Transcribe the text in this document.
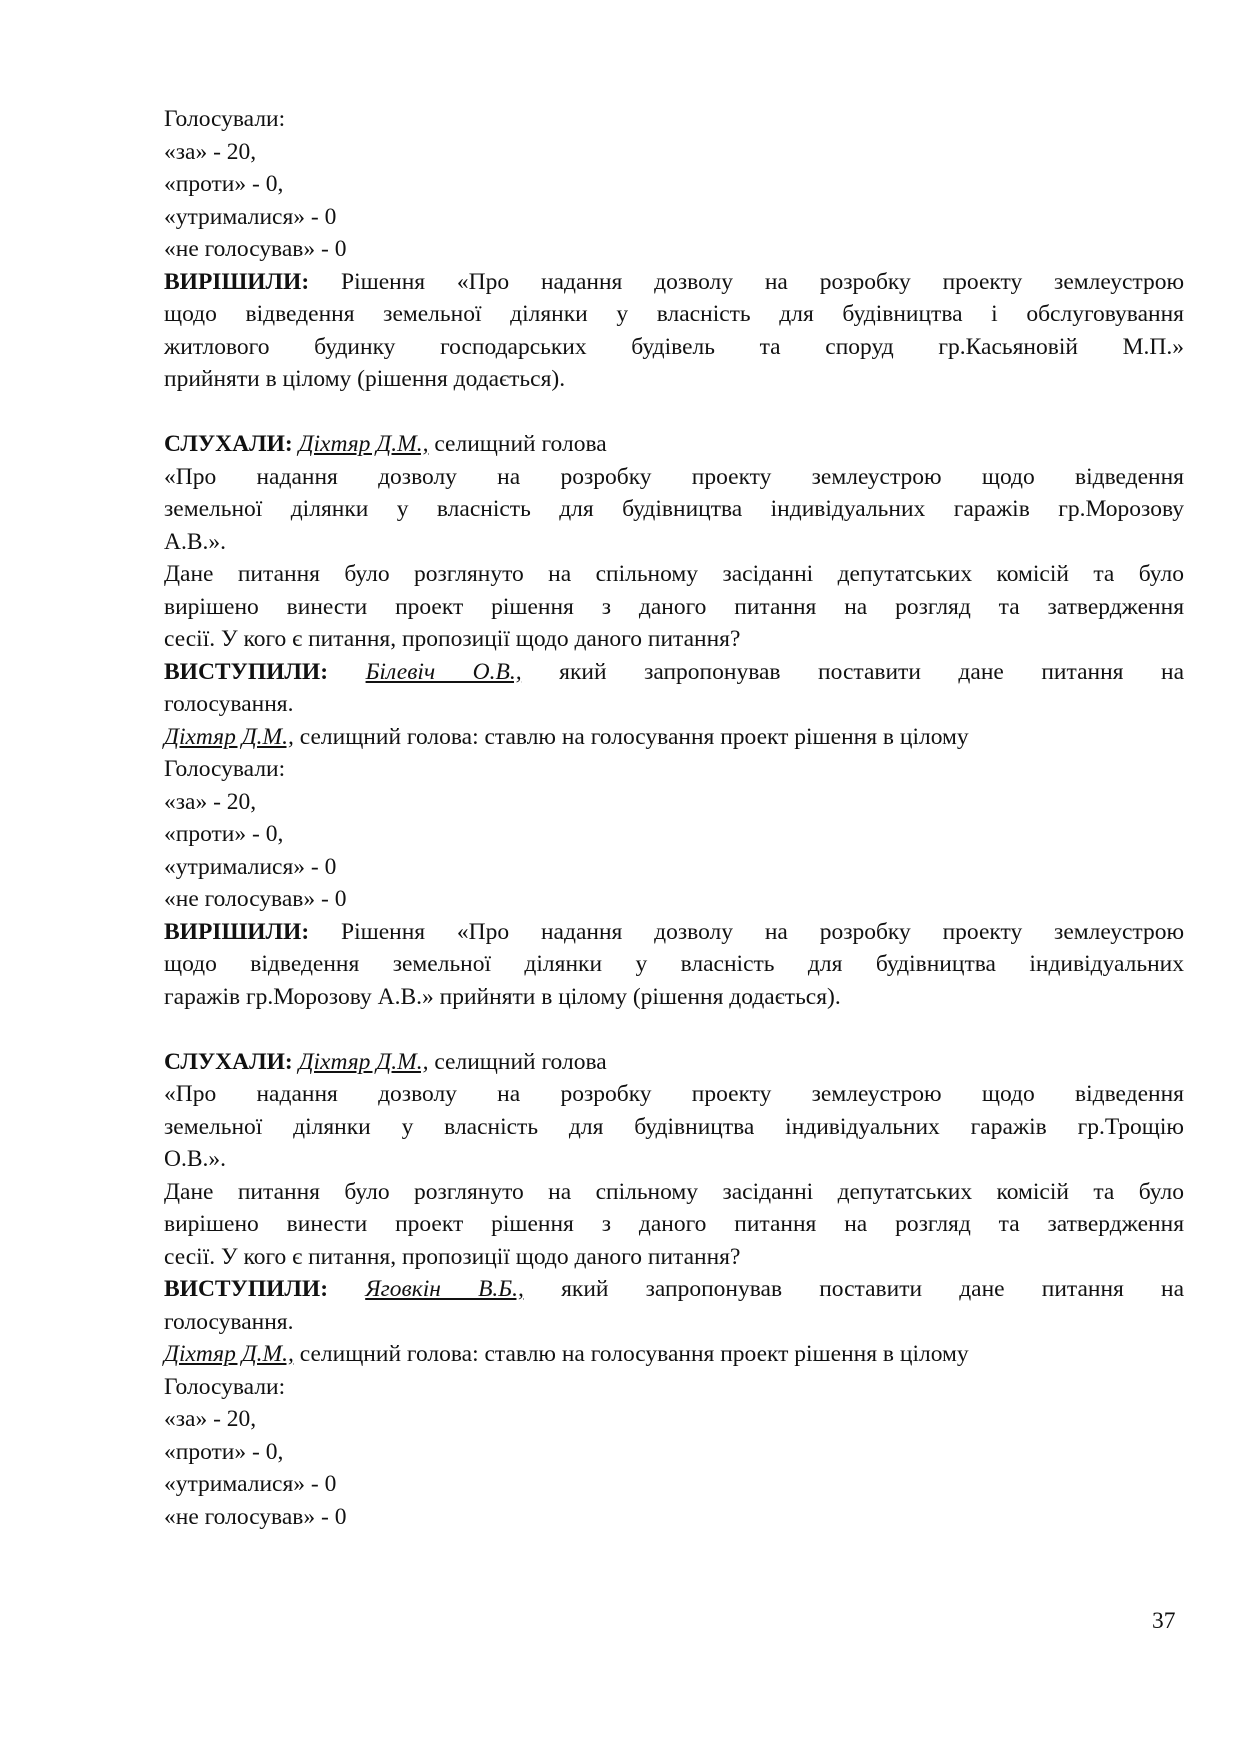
Голосували:
«за» - 20,
«проти» - 0,
«утрималися» - 0
«не голосував» - 0
ВИРІШИЛИ: Рішення «Про надання дозволу на розробку проекту землеустрою
щодо відведення земельної ділянки у власність для будівництва і обслуговування
житлового будинку господарських будівель та споруд гр.Касьяновій М.П.»
прийняти в цілому (рішення додається).
СЛУХАЛИ: Діхтяр Д.М., селищний голова
«Про надання дозволу на розробку проекту землеустрою щодо відведення
земельної ділянки у власність для будівництва індивідуальних гаражів гр.Морозову
А.В.».
Дане питання було розглянуто на спільному засіданні депутатських комісій та було
вирішено винести проект рішення з даного питання на розгляд та затвердження
сесії. У кого є питання, пропозиції щодо даного питання?
ВИСТУПИЛИ: Білевіч О.В., який запропонував поставити дане питання на
голосування.
Діхтяр Д.М., селищний голова: ставлю на голосування проект рішення в цілому
Голосували:
«за» - 20,
«проти» - 0,
«утрималися» - 0
«не голосував» - 0
ВИРІШИЛИ: Рішення «Про надання дозволу на розробку проекту землеустрою
щодо відведення земельної ділянки у власність для будівництва індивідуальних
гаражів гр.Морозову А.В.» прийняти в цілому (рішення додається).
СЛУХАЛИ: Діхтяр Д.М., селищний голова
«Про надання дозволу на розробку проекту землеустрою щодо відведення
земельної ділянки у власність для будівництва індивідуальних гаражів гр.Трощію
О.В.».
Дане питання було розглянуто на спільному засіданні депутатських комісій та було
вирішено винести проект рішення з даного питання на розгляд та затвердження
сесії. У кого є питання, пропозиції щодо даного питання?
ВИСТУПИЛИ: Яговкін В.Б., який запропонував поставити дане питання на
голосування.
Діхтяр Д.М., селищний голова: ставлю на голосування проект рішення в цілому
Голосували:
«за» - 20,
«проти» - 0,
«утрималися» - 0
«не голосував» - 0
37
